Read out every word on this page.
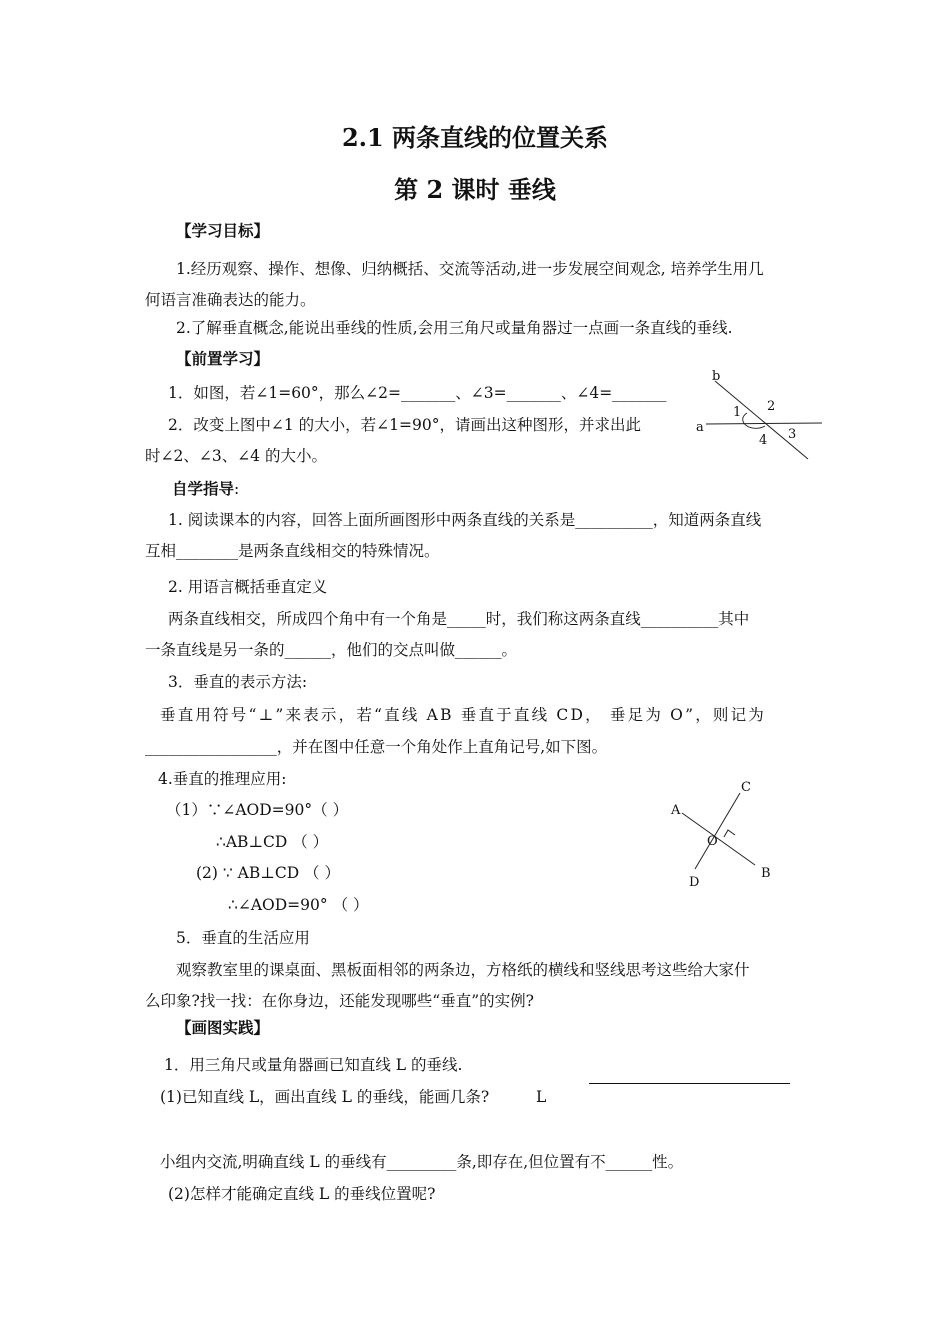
2.1 两条直线的位置关系
第 2 课时 垂线
【学习目标】
1.经历观察、操作、想像、归纳概括、交流等活动,进一步发展空间观念, 培养学生用几
何语言准确表达的能力。
2.了解垂直概念,能说出垂线的性质,会用三角尺或量角器过一点画一条直线的垂线.
【前置学习】
1．如图，若∠1=60°，那么∠2=_______、∠3=_______、∠4=_______
2．改变上图中∠1 的大小，若∠1=90°，请画出这种图形，并求出此
时∠2、∠3、∠4 的大小。
b
a
1 2
3
4
自学指导:
1. 阅读课本的内容，回答上面所画图形中两条直线的关系是__________，知道两条直线
互相________是两条直线相交的特殊情况。
2. 用语言概括垂直定义
两条直线相交，所成四个角中有一个角是_____时，我们称这两条直线__________其中
一条直线是另一条的______，他们的交点叫做______。
3．垂直的表示方法:
垂直用符号“⊥”来表示，若“直线 AB 垂直于直线 CD， 垂足为 O”，则记为
_________________，并在图中任意一个角处作上直角记号,如下图。
4.垂直的推理应用:
（1）∵∠AOD=90°（ ）
∴AB⊥CD （ ）
(2) ∵ AB⊥CD （ ）
∴∠AOD=90° （ ）
A
B
C
D
O
5．垂直的生活应用
观察教室里的课桌面、黑板面相邻的两条边，方格纸的横线和竖线思考这些给大家什
么印象?找一找：在你身边，还能发现哪些“垂直”的实例?
【画图实践】
1．用三角尺或量角器画已知直线 L 的垂线.
(1)已知直线 L，画出直线 L 的垂线，能画几条?	L
小组内交流,明确直线 L 的垂线有_________条,即存在,但位置有不______性。
(2)怎样才能确定直线 L 的垂线位置呢?
